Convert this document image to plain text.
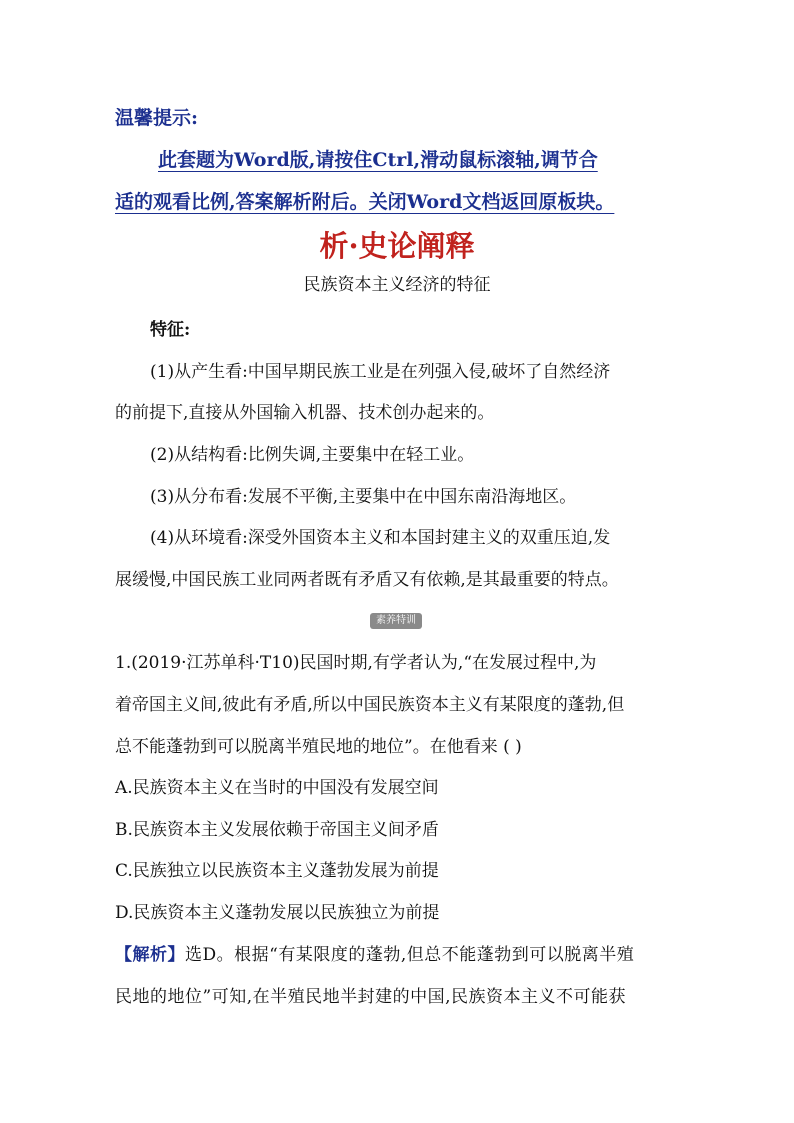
温馨提示:
此套题为Word版,请按住Ctrl,滑动鼠标滚轴,调节合
适的观看比例,答案解析附后。关闭Word文档返回原板块。
析·史论阐释
民族资本主义经济的特征
特征:
(1)从产生看:中国早期民族工业是在列强入侵,破坏了自然经济
的前提下,直接从外国输入机器、技术创办起来的。
(2)从结构看:比例失调,主要集中在轻工业。
(3)从分布看:发展不平衡,主要集中在中国东南沿海地区。
(4)从环境看:深受外国资本主义和本国封建主义的双重压迫,发
展缓慢,中国民族工业同两者既有矛盾又有依赖,是其最重要的特点。
素养特训
1.(2019·江苏单科·T10)民国时期,有学者认为,“在发展过程中,为
着帝国主义间,彼此有矛盾,所以中国民族资本主义有某限度的蓬勃,但
总不能蓬勃到可以脱离半殖民地的地位”。在他看来 ( )
A.民族资本主义在当时的中国没有发展空间
B.民族资本主义发展依赖于帝国主义间矛盾
C.民族独立以民族资本主义蓬勃发展为前提
D.民族资本主义蓬勃发展以民族独立为前提
【解析】选D。根据“有某限度的蓬勃,但总不能蓬勃到可以脱离半殖
民地的地位”可知,在半殖民地半封建的中国,民族资本主义不可能获
